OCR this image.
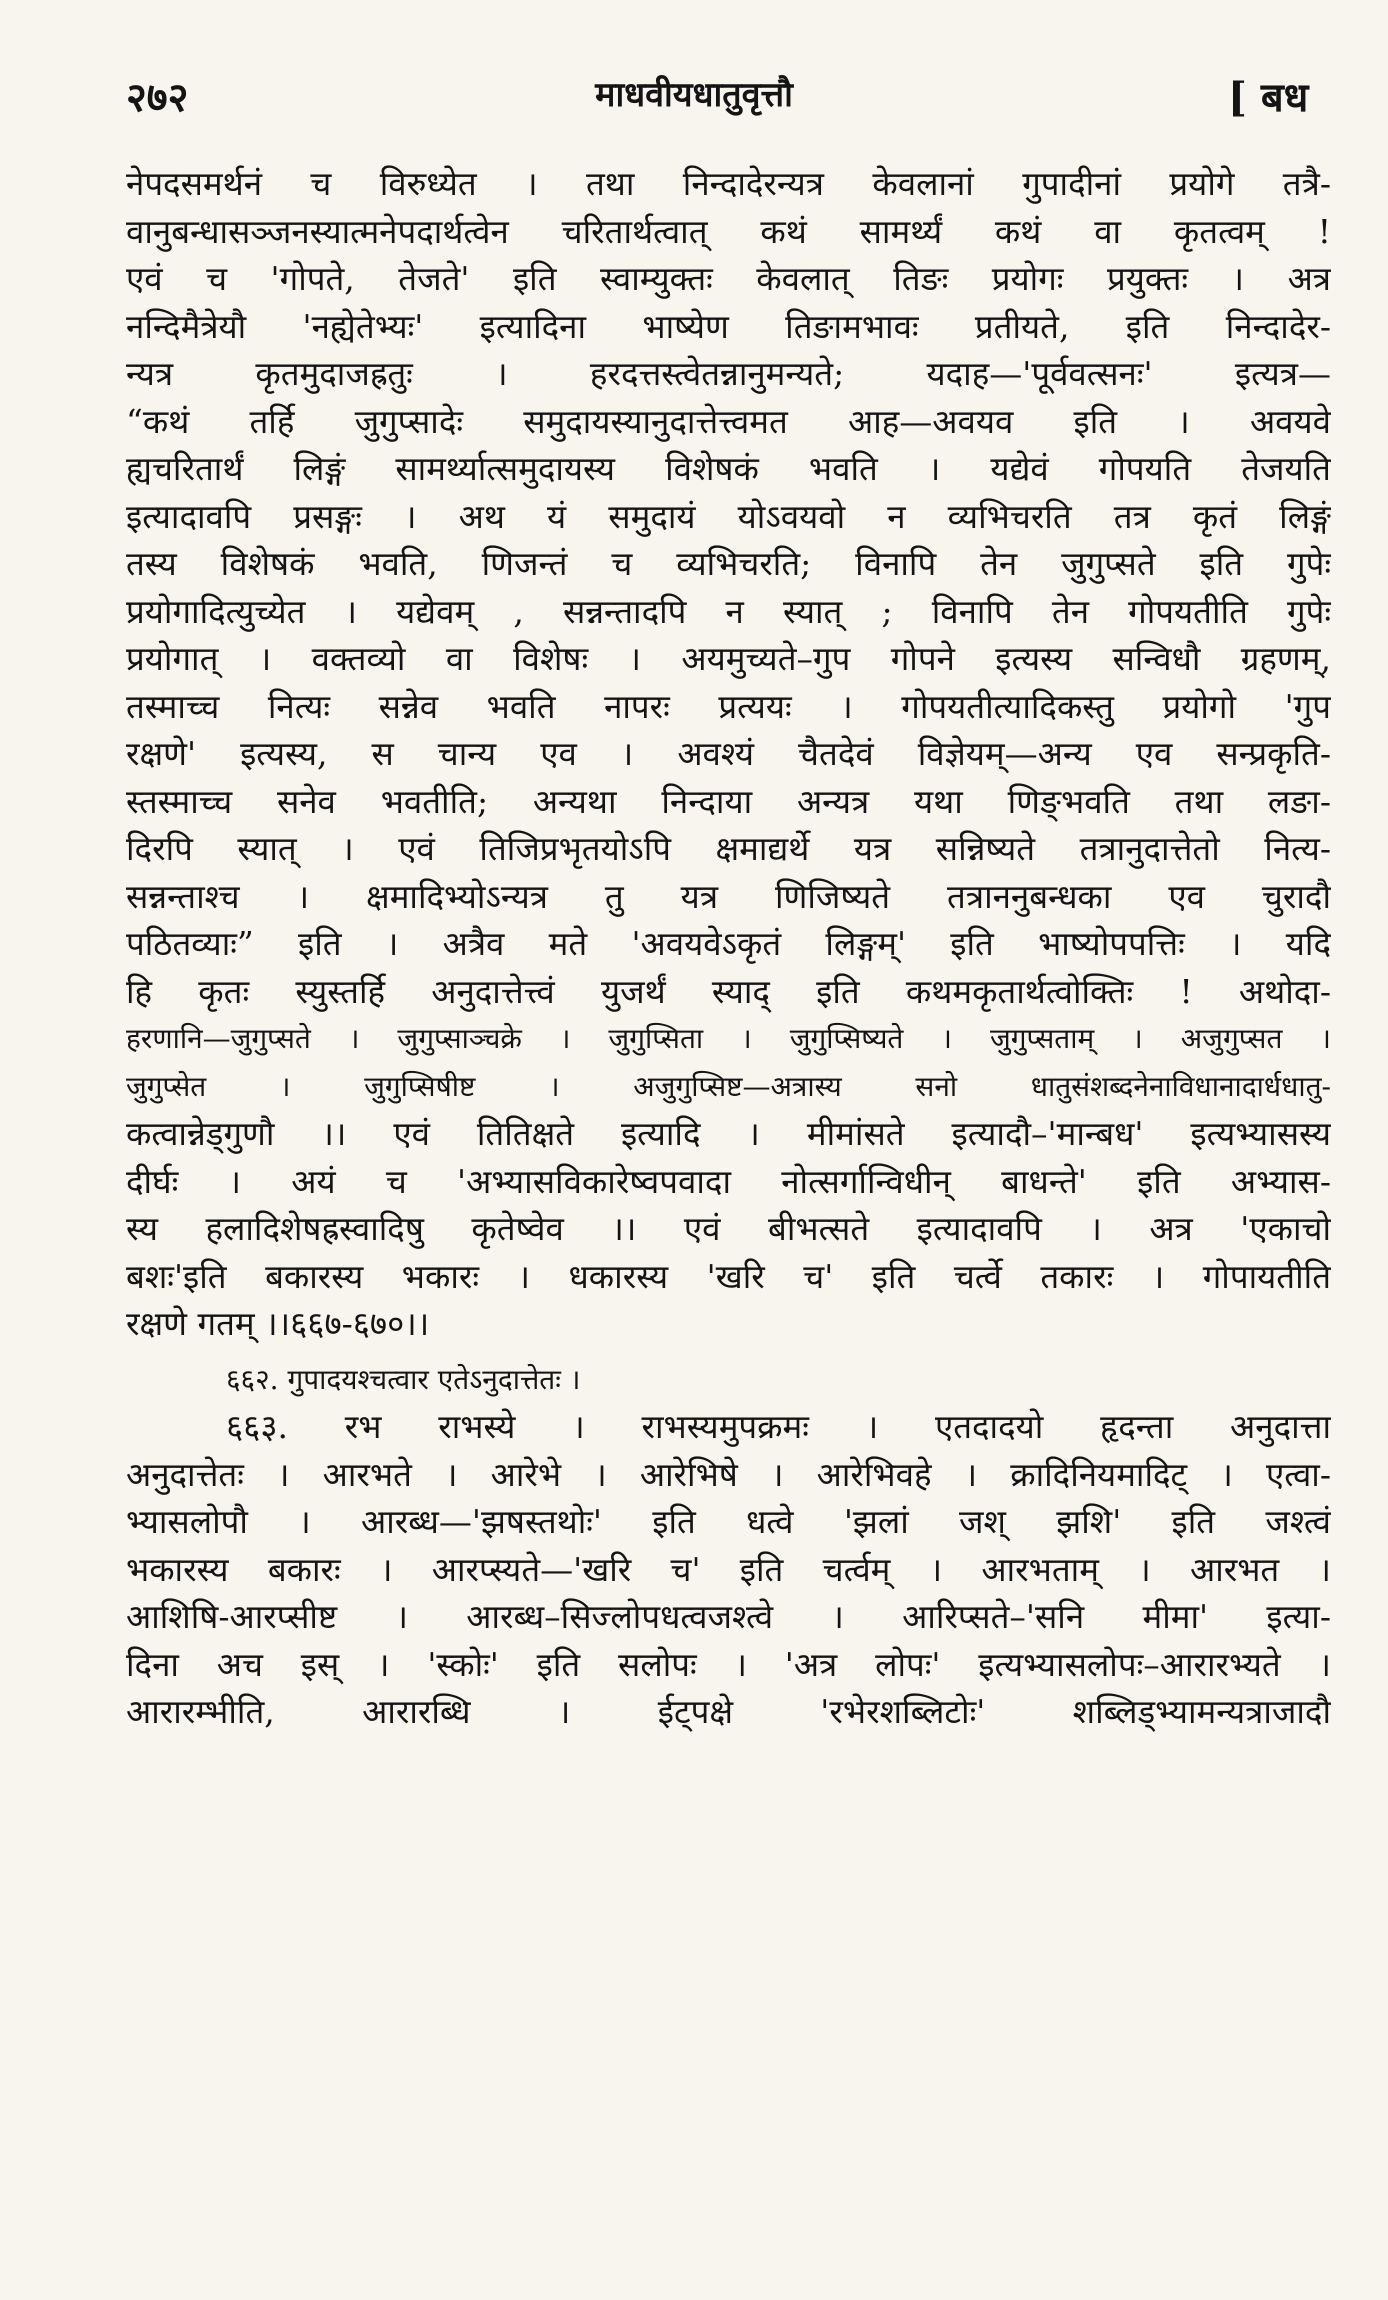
२७२	माधवीयधातुवृत्तौ	[ बध
नेपदसमर्थनं च विरुध्येत । तथा निन्दादेरन्यत्र केवलानां गुपादीनां प्रयोगे तत्रै-
वानुबन्धासञ्जनस्यात्मनेपदार्थत्वेन चरितार्थत्वात् कथं सामर्थ्यं कथं वा कृतत्वम् !
एवं च 'गोपते, तेजते' इति स्वाम्युक्तः केवलात् तिङः प्रयोगः प्रयुक्तः । अत्र
नन्दिमैत्रेयौ 'नह्येतेभ्यः' इत्यादिना भाष्येण तिङामभावः प्रतीयते, इति निन्दादेर-
न्यत्र कृतमुदाजह्रतुः । हरदत्तस्त्वेतन्नानुमन्यते; यदाह—'पूर्ववत्सनः' इत्यत्र—
“कथं तर्हि जुगुप्सादेः समुदायस्यानुदात्तेत्त्वमत आह—अवयव इति । अवयवे
ह्यचरितार्थं लिङ्गं सामर्थ्यात्समुदायस्य विशेषकं भवति । यद्येवं गोपयति तेजयति
इत्यादावपि प्रसङ्गः । अथ यं समुदायं योऽवयवो न व्यभिचरति तत्र कृतं लिङ्गं
तस्य विशेषकं भवति, णिजन्तं च व्यभिचरति; विनापि तेन जुगुप्सते इति गुपेः
प्रयोगादित्युच्येत । यद्येवम् , सन्नन्तादपि न स्यात् ; विनापि तेन गोपयतीति गुपेः
प्रयोगात् । वक्तव्यो वा विशेषः । अयमुच्यते–गुप गोपने इत्यस्य सन्विधौ ग्रहणम्,
तस्माच्च नित्यः सन्नेव भवति नापरः प्रत्ययः । गोपयतीत्यादिकस्तु प्रयोगो 'गुप
रक्षणे' इत्यस्य, स चान्य एव । अवश्यं चैतदेवं विज्ञेयम्—अन्य एव सन्प्रकृति-
स्तस्माच्च सनेव भवतीति; अन्यथा निन्दाया अन्यत्र यथा णिङ्भवति तथा लङा-
दिरपि स्यात् । एवं तिजिप्रभृतयोऽपि क्षमाद्यर्थे यत्र सन्निष्यते तत्रानुदात्तेतो नित्य-
सन्नन्ताश्च । क्षमादिभ्योऽन्यत्र तु यत्र णिजिष्यते तत्राननुबन्धका एव चुरादौ
पठितव्याः” इति । अत्रैव मते 'अवयवेऽकृतं लिङ्गम्' इति भाष्योपपत्तिः । यदि
हि कृतः स्युस्तर्हि अनुदात्तेत्त्वं युजर्थं स्याद् इति कथमकृतार्थत्वोक्तिः ! अथोदा-
हरणानि—जुगुप्सते । जुगुप्साञ्चक्रे । जुगुप्सिता । जुगुप्सिष्यते । जुगुप्सताम् । अजुगुप्सत ।
जुगुप्सेत । जुगुप्सिषीष्ट । अजुगुप्सिष्ट—अत्रास्य सनो धातुसंशब्दनेनाविधानादार्धधातु-
कत्वान्नेड्गुणौ ।। एवं तितिक्षते इत्यादि । मीमांसते इत्यादौ–'मान्बध' इत्यभ्यासस्य
दीर्घः । अयं च 'अभ्यासविकारेष्वपवादा नोत्सर्गान्विधीन् बाधन्ते' इति अभ्यास-
स्य हलादिशेषह्रस्वादिषु कृतेष्वेव ।। एवं बीभत्सते इत्यादावपि । अत्र 'एकाचो
बशः'इति बकारस्य भकारः । धकारस्य 'खरि च' इति चर्त्वे तकारः । गोपायतीति
रक्षणे गतम् ।।६६७-६७०।।
६६२. गुपादयश्चत्वार एतेऽनुदात्तेतः ।
६६३. रभ राभस्ये । राभस्यमुपक्रमः । एतदादयो हृदन्ता अनुदात्ता
अनुदात्तेतः । आरभते । आरेभे । आरेभिषे । आरेभिवहे । क्रादिनियमादिट् । एत्वा-
भ्यासलोपौ । आरब्ध—'झषस्तथोः' इति धत्वे 'झलां जश् झशि' इति जश्त्वं
भकारस्य बकारः । आरप्स्यते—'खरि च' इति चर्त्वम् । आरभताम् । आरभत ।
आशिषि-आरप्सीष्ट । आरब्ध–सिज्लोपधत्वजश्त्वे । आरिप्सते–'सनि मीमा' इत्या-
दिना अच इस् । 'स्कोः' इति सलोपः । 'अत्र लोपः' इत्यभ्यासलोपः–आरारभ्यते ।
आरारम्भीति, आरारब्धि । ईट्पक्षे 'रभेरशब्लिटोः' शब्लिड्भ्यामन्यत्राजादौ
